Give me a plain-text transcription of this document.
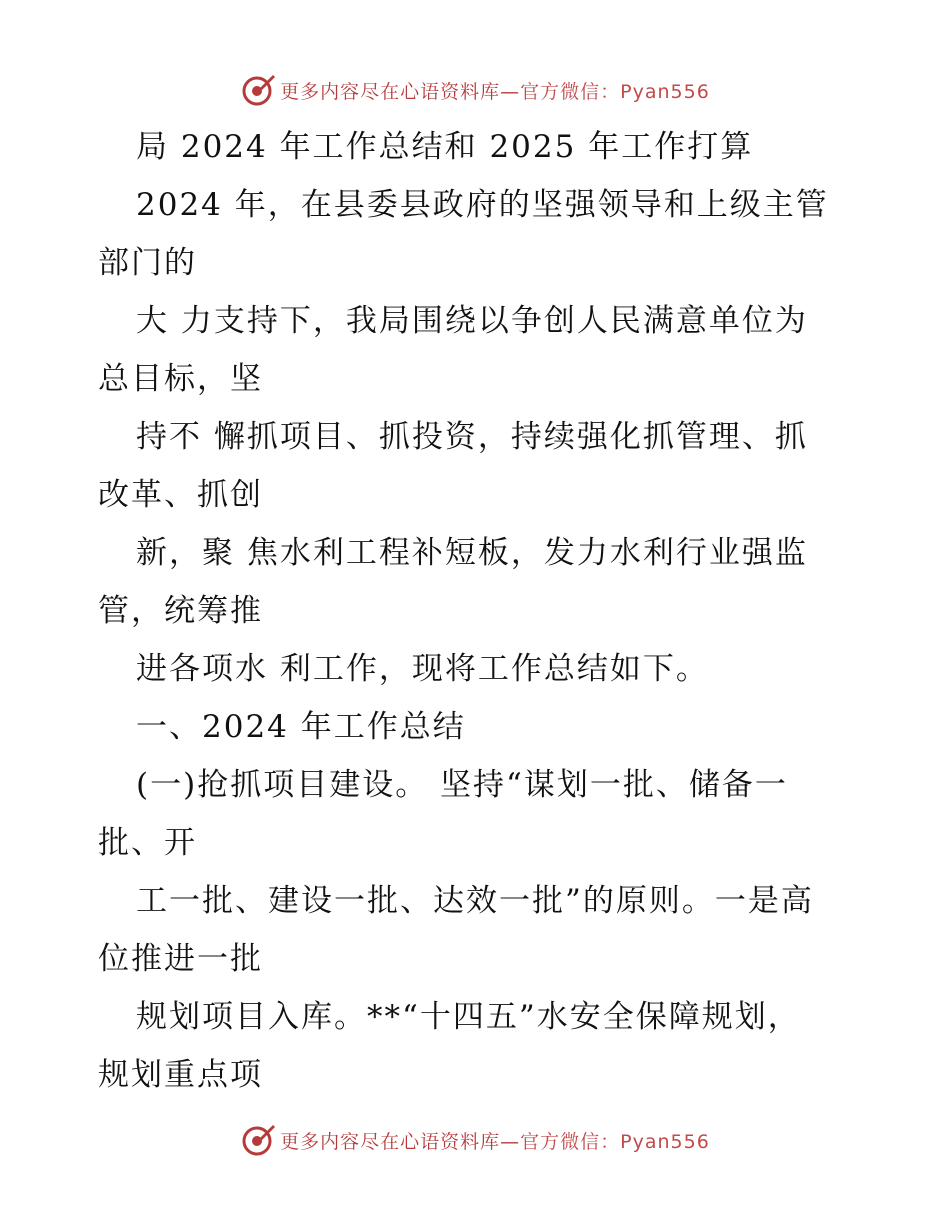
更多内容尽在心语资料库—官方微信：Pyan556
局 2024 年工作总结和 2025 年工作打算
2024 年，在县委县政府的坚强领导和上级主管
部门的
大 力支持下，我局围绕以争创人民满意单位为
总目标，坚
持不 懈抓项目、抓投资，持续强化抓管理、抓
改革、抓创
新，聚 焦水利工程补短板，发力水利行业强监
管，统筹推
进各项水 利工作，现将工作总结如下。
一、2024 年工作总结
(一)抢抓项目建设。 坚持“谋划一批、储备一
批、开
工一批、建设一批、达效一批”的原则。一是高
位推进一批
规划项目入库。**“十四五”水安全保障规划，
规划重点项
更多内容尽在心语资料库—官方微信：Pyan556
